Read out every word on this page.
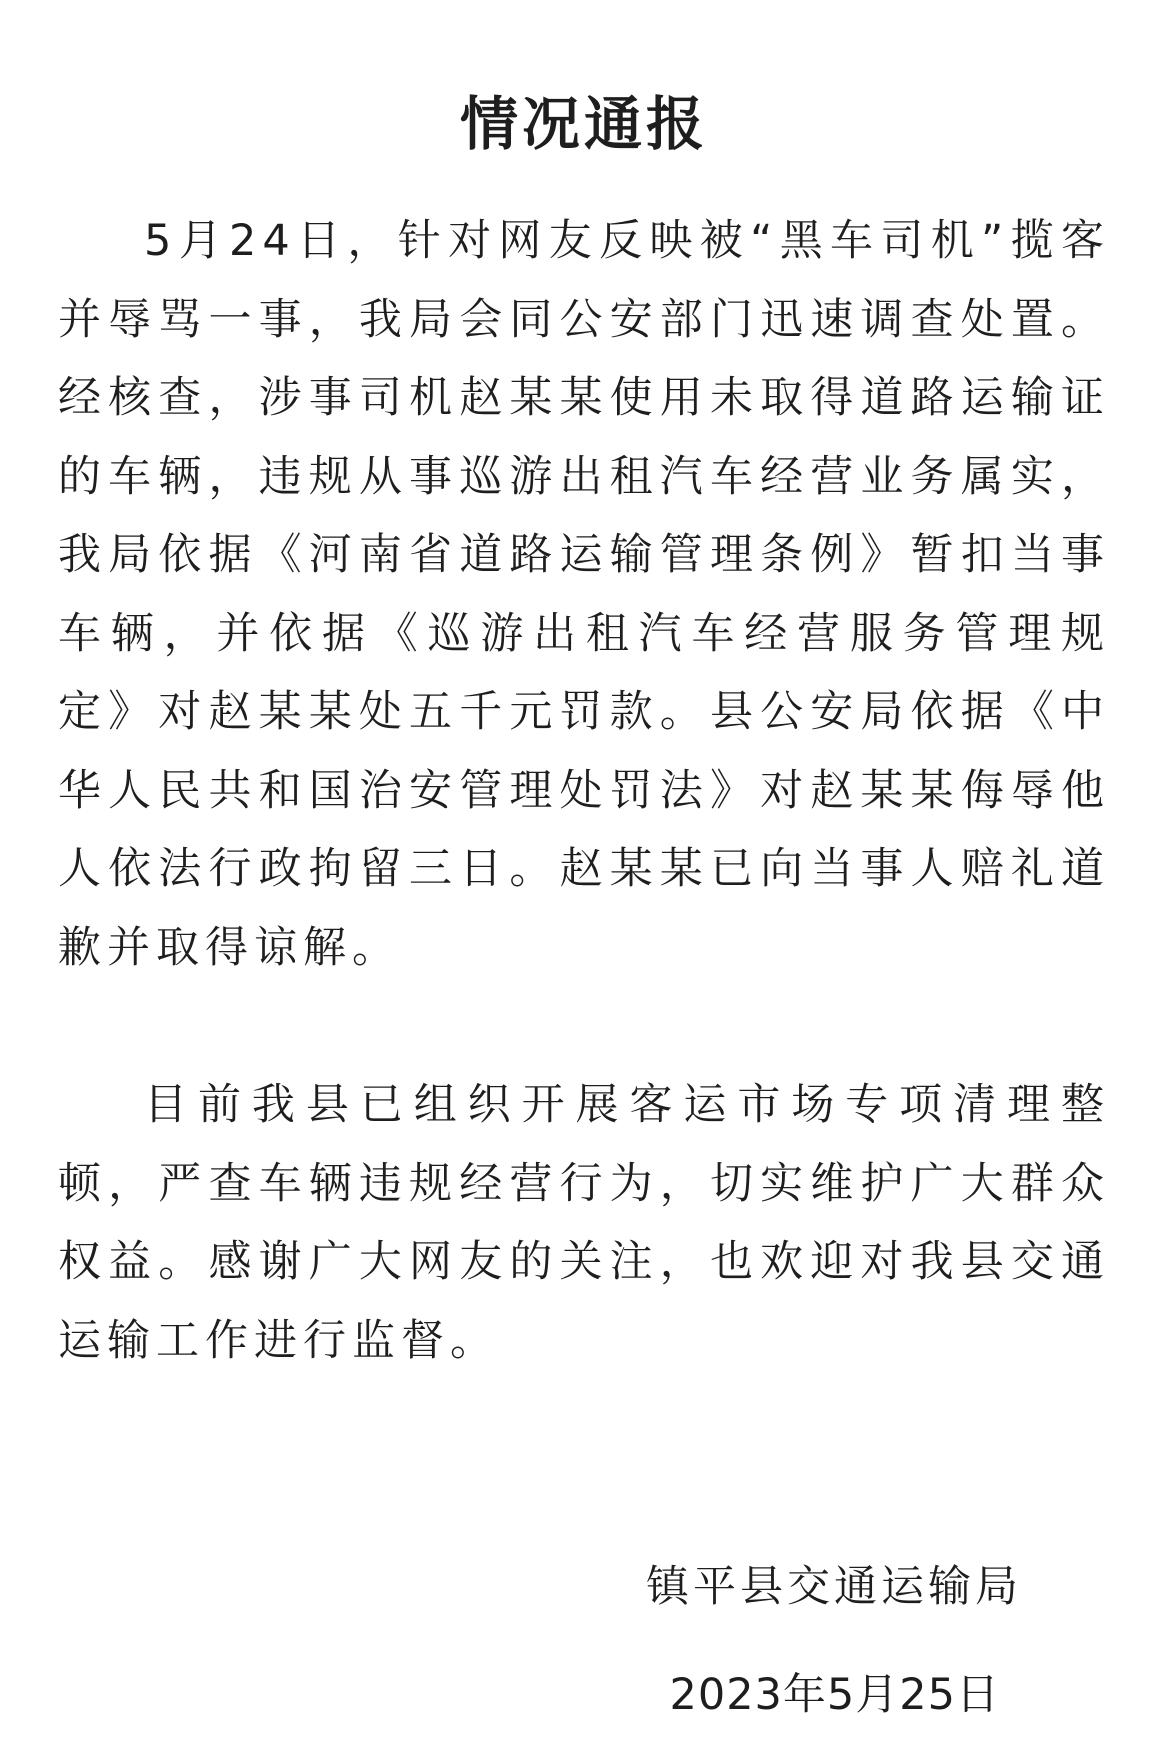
情况通报

5月24日，针对网友反映被“黑车司机”揽客并辱骂一事，我局会同公安部门迅速调查处置。经核查，涉事司机赵某某使用未取得道路运输证的车辆，违规从事巡游出租汽车经营业务属实，我局依据《河南省道路运输管理条例》暂扣当事车辆，并依据《巡游出租汽车经营服务管理规定》对赵某某处五千元罚款。县公安局依据《中华人民共和国治安管理处罚法》对赵某某侮辱他人依法行政拘留三日。赵某某已向当事人赔礼道歉并取得谅解。

目前我县已组织开展客运市场专项清理整顿，严查车辆违规经营行为，切实维护广大群众权益。感谢广大网友的关注，也欢迎对我县交通运输工作进行监督。

镇平县交通运输局

2023年5月25日
